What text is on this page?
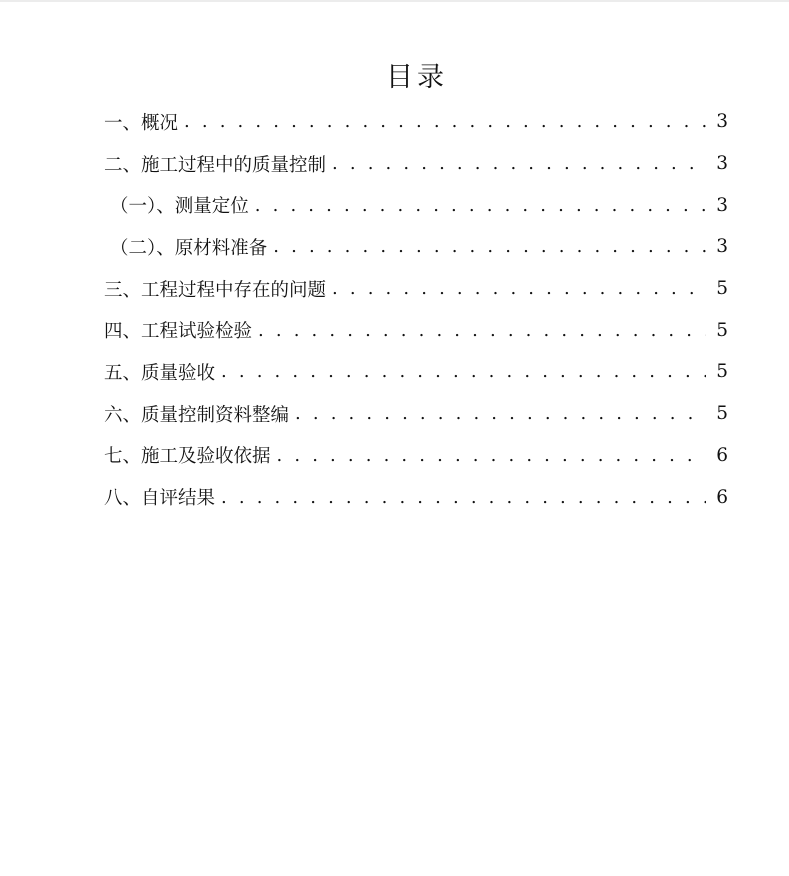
目录
一、概况 . . .	3
二、施工过程中的质量控制 . . .	3
（一）、测量定位 . . .	3
（二）、原材料准备 . . .	3
三、工程过程中存在的问题 . . .	5
四、工程试验检验 . . .	5
五、质量验收 . . .	5
六、质量控制资料整编 . . .	5
七、施工及验收依据 . . .	6
八、自评结果 . . .	6
